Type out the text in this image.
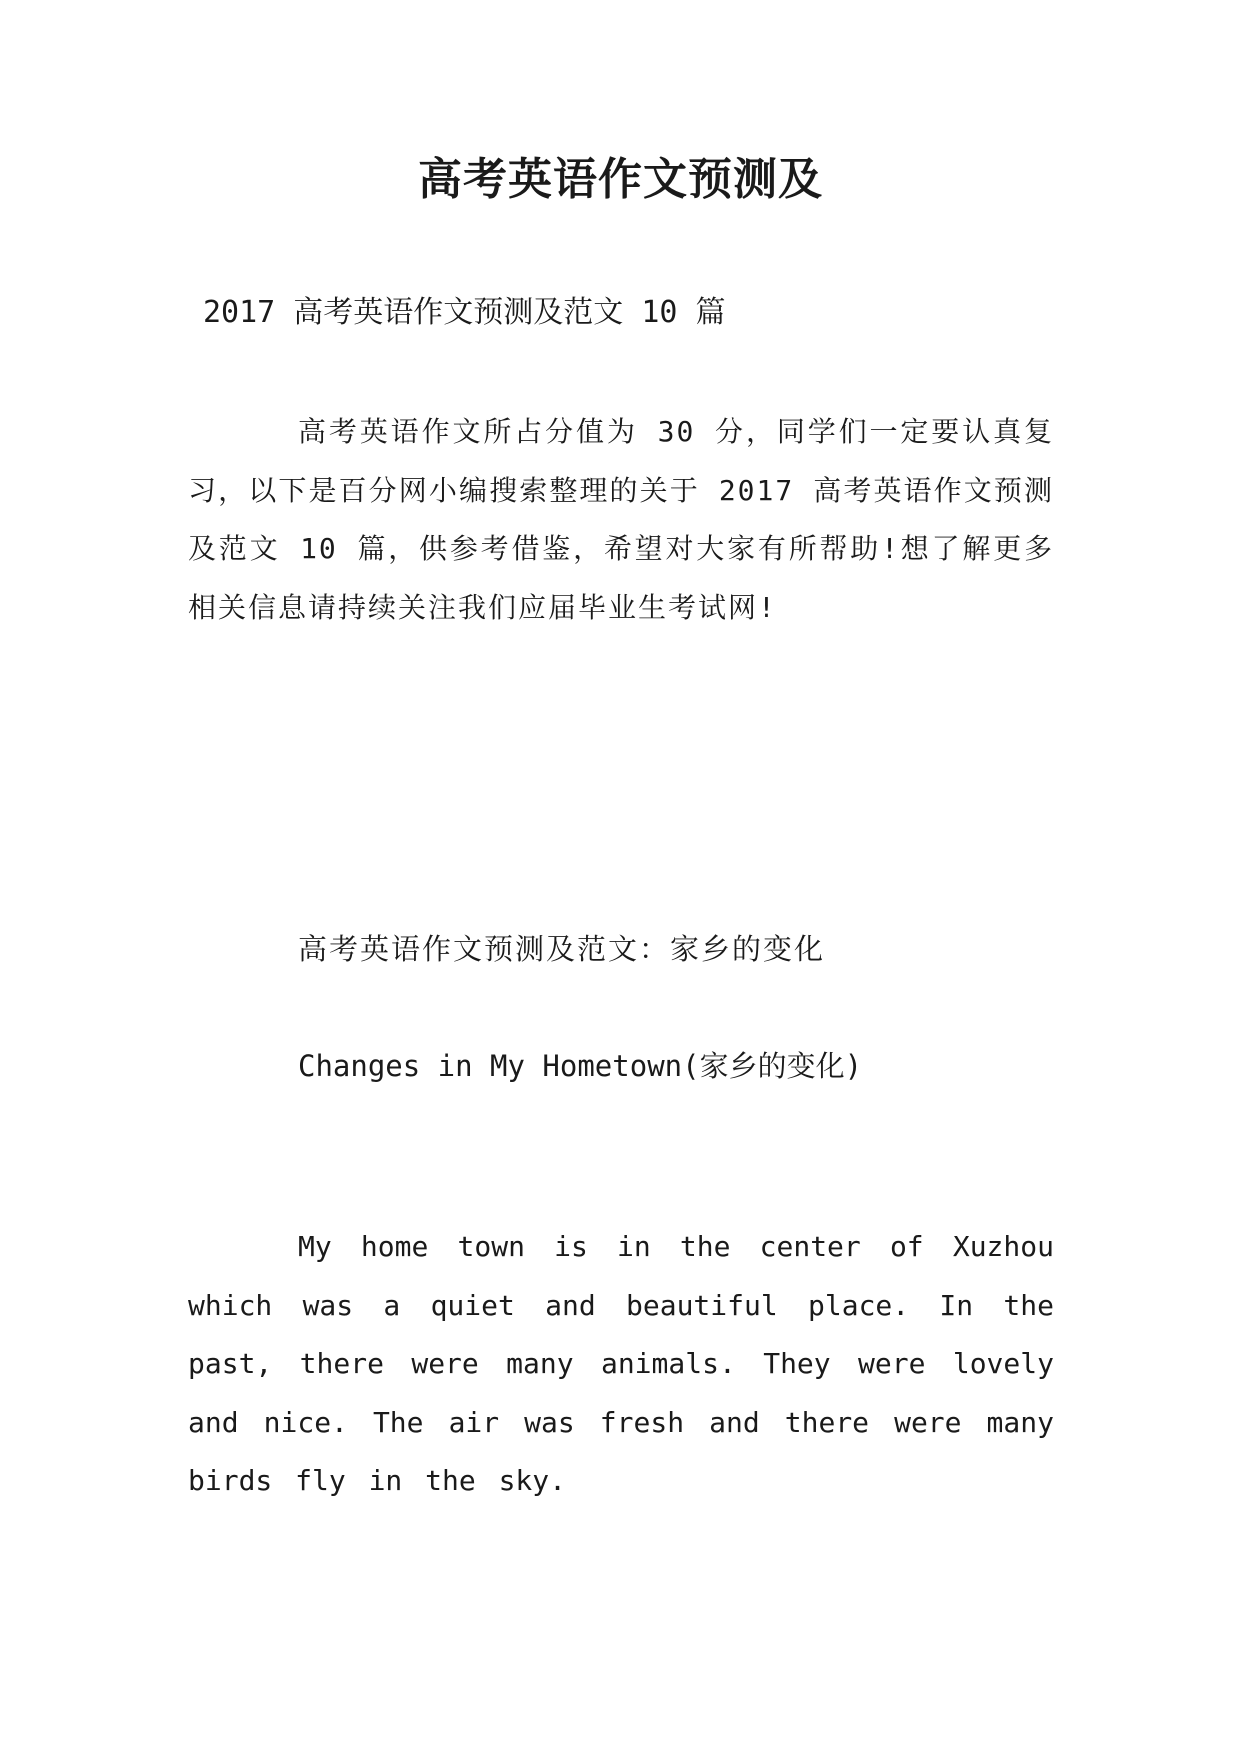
高考英语作文预测及

2017 高考英语作文预测及范文 10 篇

高考英语作文所占分值为 30 分，同学们一定要认真复习，以下是百分网小编搜索整理的关于 2017 高考英语作文预测及范文 10 篇，供参考借鉴，希望对大家有所帮助!想了解更多相关信息请持续关注我们应届毕业生考试网!

高考英语作文预测及范文：家乡的变化

Changes in My Hometown(家乡的变化)

My home town is in the center of Xuzhou which was a quiet and beautiful place. In the past, there were many animals. They were lovely and nice. The air was fresh and there were many birds fly in the sky.
